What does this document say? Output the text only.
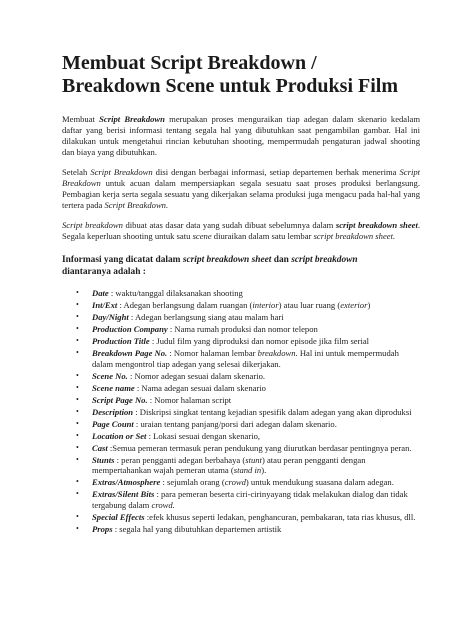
Membuat Script Breakdown / Breakdown Scene untuk Produksi Film

Membuat Script Breakdown merupakan proses menguraikan tiap adegan dalam skenario kedalam daftar yang berisi informasi tentang segala hal yang dibutuhkan saat pengambilan gambar. Hal ini dilakukan untuk mengetahui rincian kebutuhan shooting, mempermudah pengaturan jadwal shooting dan biaya yang dibutuhkan.

Setelah Script Breakdown disi dengan berbagai informasi, setiap departemen berhak menerima Script Breakdown untuk acuan dalam mempersiapkan segala sesuatu saat proses produksi berlangsung. Pembagian kerja serta segala sesuatu yang dikerjakan selama produksi juga mengacu pada hal-hal yang tertera pada Script Breakdown.

Script breakdown dibuat atas dasar data yang sudah dibuat sebelumnya dalam script breakdown sheet. Segala keperluan shooting untuk satu scene diuraikan dalam satu lembar script breakdown sheet.

Informasi yang dicatat dalam script breakdown sheet dan script breakdown
diantaranya adalah :
• Date : waktu/tanggal dilaksanakan shooting
• Int/Ext : Adegan berlangsung dalam ruangan (interior) atau luar ruang (exterior)
• Day/Night : Adegan berlangsung siang atau malam hari
• Production Company : Nama rumah produksi dan nomor telepon
• Production Title : Judul film yang diproduksi dan nomor episode jika film serial
• Breakdown Page No. : Nomor halaman lembar breakdown. Hal ini untuk mempermudah dalam mengontrol tiap adegan yang selesai dikerjakan.
• Scene No. : Nomor adegan sesuai dalam skenario.
• Scene name : Nama adegan sesuai dalam skenario
• Script Page No. : Nomor halaman script
• Description : Diskripsi singkat tentang kejadian spesifik dalam adegan yang akan diproduksi
• Page Count : uraian tentang panjang/porsi dari adegan dalam skenario.
• Location or Set : Lokasi sesuai dengan skenario,
• Cast :Semua pemeran termasuk peran pendukung yang diurutkan berdasar pentingnya peran.
• Stunts : peran pengganti adegan berbahaya (stunt) atau peran pengganti dengan mempertahankan wajah pemeran utama (stand in).
• Extras/Atmosphere : sejumlah orang (crowd) untuk mendukung suasana dalam adegan.
• Extras/Silent Bits : para pemeran beserta ciri-cirinyayang tidak melakukan dialog dan tidak tergabung dalam crowd.
• Special Effects :efek khusus seperti ledakan, penghancuran, pembakaran, tata rias khusus, dll.
• Props : segala hal yang dibutuhkan departemen artistik
